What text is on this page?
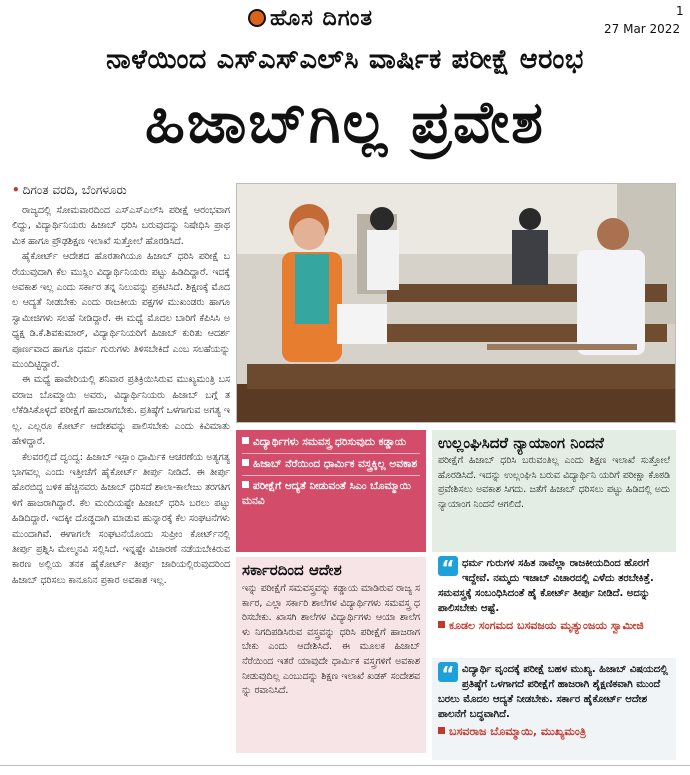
ಹೊಸ ದಿಗಂತ	1
27 Mar 2022
ನಾಳೆಯಿಂದ ಎಸ್‌ಎಸ್‌ಎಲ್‌ಸಿ ವಾರ್ಷಿಕ ಪರೀಕ್ಷೆ ಆರಂಭ
ಹಿಜಾಬ್‌ಗಿಲ್ಲ ಪ್ರವೇಶ
• ದಿಗಂತ ವರದಿ, ಬೆಂಗಳೂರು

ರಾಜ್ಯದಲ್ಲಿ ಸೋಮವಾರದಿಂದ ಎಸ್‌ಎಸ್‌ಎಲ್‌ಸಿ ಪರೀಕ್ಷೆ ಆರಂಭವಾಗಲಿದ್ದು, ವಿದ್ಯಾರ್ಥಿನಿಯರು ಹಿಜಾಬ್ ಧರಿಸಿ ಬರುವುದನ್ನು ನಿಷೇಧಿಸಿ ಪ್ರಾಥಮಿಕ ಹಾಗೂ ಪ್ರೌಢಶಿಕ್ಷಣ ಇಲಾಖೆ ಸುತ್ತೋಲೆ ಹೊರಡಿಸಿದೆ.

ಹೈಕೋರ್ಟ್ ಆದೇಶದ ಹೊರತಾಗಿಯೂ ಹಿಜಾಬ್ ಧರಿಸಿ ಪರೀಕ್ಷೆ ಬರೆಯುವುದಾಗಿ ಕೆಲ ಮುಸ್ಲಿಂ ವಿದ್ಯಾರ್ಥಿನಿಯರು ಪಟ್ಟು ಹಿಡಿದಿದ್ದಾರೆ. ಇದಕ್ಕೆ ಅವಕಾಶ ಇಲ್ಲ ಎಂದು ಸರ್ಕಾರ ತನ್ನ ನಿಲುವನ್ನು ಪ್ರಕಟಿಸಿದೆ. ಶಿಕ್ಷಣಕ್ಕೆ ಮೊದಲ ಆದ್ಯತೆ ನೀಡಬೇಕು ಎಂದು ರಾಜಕೀಯ ಪಕ್ಷಗಳ ಮುಖಂಡರು ಹಾಗೂ ಸ್ವಾಮೀಜಿಗಳು ಸಲಹೆ ನೀಡಿದ್ದಾರೆ. ಈ ಮಧ್ಯೆ ಮೊದಲ ಬಾರಿಗೆ ಕೆಪಿಸಿಸಿ ಅಧ್ಯಕ್ಷ ಡಿ.ಕೆ.ಶಿವಕುಮಾರ್, ವಿದ್ಯಾರ್ಥಿನಿಯರಿಗೆ ಹಿಜಾಬ್ ಕುರಿತು ಆದರ್ಶ ಪೂರ್ಣವಾದ ಹಾಗೂ ಧರ್ಮ ಗುರುಗಳು ತಿಳಿಸಬೇಕಿದೆ ಎಂಬ ಸಲಹೆಯನ್ನು ಮುಂದಿಟ್ಟಿದ್ದಾರೆ.

ಈ ಮಧ್ಯೆ ಹಾವೇರಿಯಲ್ಲಿ ಶನಿವಾರ ಪ್ರತಿಕ್ರಿಯಿಸಿರುವ ಮುಖ್ಯಮಂತ್ರಿ ಬಸವರಾಜ ಬೊಮ್ಮಾಯಿ ಅವರು, ವಿದ್ಯಾರ್ಥಿನಿಯರು ಹಿಜಾಬ್ ಬಗ್ಗೆ ತಲೆಕೆಡಿಸಿಕೊಳ್ಳದೆ ಪರೀಕ್ಷೆಗೆ ಹಾಜರಾಗಬೇಕು. ಪ್ರತಿಷ್ಠೆಗೆ ಒಳಗಾಗುವ ಅಗತ್ಯ ಇಲ್ಲ. ಎಲ್ಲರೂ ಕೋರ್ಟ್ ಆದೇಶವನ್ನು ಪಾಲಿಸಬೇಕು ಎಂದು ಕಿವಿಮಾತು ಹೇಳಿದ್ದಾರೆ.

ಕೆಲವರಲ್ಲಿದೆ ದ್ವಂದ್ವ: ಹಿಜಾಬ್ ಇಸ್ಲಾಂ ಧಾರ್ಮಿಕ ಆಚರಣೆಯ ಅತ್ಯಗತ್ಯ ಭಾಗವಲ್ಲ ಎಂದು ಇತ್ತೀಚೆಗೆ ಹೈಕೋರ್ಟ್ ತೀರ್ಪು ನೀಡಿದೆ. ಈ ತೀರ್ಪು ಹೊರಬಿದ್ದ ಬಳಿಕ ಹೆಚ್ಚಿನವರು ಹಿಜಾಬ್ ಧರಿಸದೆ ಶಾಲಾ-ಕಾಲೇಜು ತರಗತಿಗಳಿಗೆ ಹಾಜರಾಗಿದ್ದಾರೆ. ಕೆಲ ಮಂದಿಯಷ್ಟೇ ಹಿಜಾಬ್ ಧರಿಸಿ ಬರಲು ಪಟ್ಟು ಹಿಡಿದಿದ್ದಾರೆ. ಇದಕ್ಕೀ ದೊಡ್ಡದಾಗಿ ಮಾಡುವ ಹುನ್ನಾರಕ್ಕೆ ಕೆಲ ಸಂಘಟನೆಗಳು ಮುಂದಾಗಿವೆ. ಈಗಾಗಲೇ ಸಂಘಟನೆಯೊಂದು ಸುಪ್ರೀಂ ಕೋರ್ಟ್‌ನಲ್ಲಿ ತೀರ್ಪು ಪ್ರಶ್ನಿಸಿ ಮೇಲ್ಮನವಿ ಸಲ್ಲಿಸಿದೆ. ಇನ್ನಷ್ಟೇ ವಿಚಾರಣೆ ನಡೆಯಬೇಕಿರುವ ಕಾರಣ ಅಲ್ಲಿಯ ತನಕ ಹೈಕೋರ್ಟ್ ತೀರ್ಪು ಜಾರಿಯಲ್ಲಿರುವುದರಿಂದ ಹಿಜಾಬ್ ಧರಿಸಲು ಕಾನೂನಿನ ಪ್ರಕಾರ ಅವಕಾಶ ಇಲ್ಲ.

ವಿದ್ಯಾರ್ಥಿಗಳು ಸಮವಸ್ತ್ರ ಧರಿಸುವುದು ಕಡ್ಡಾಯ
ಹಿಜಾಬ್ ನೆರೆಯಿಂದ ಧಾರ್ಮಿಕ ವಸ್ತ್ರಕ್ಕಿಲ್ಲ ಅವಕಾಶ
ಪರೀಕ್ಷೆಗೆ ಆದ್ಯತೆ ನೀಡುವಂತೆ ಸಿಎಂ ಬೊಮ್ಮಾಯಿ ಮನವಿ
ಉಲ್ಲಂಘಿಸಿದರೆ ನ್ಯಾಯಾಂಗ ನಿಂದನೆ
ಪರೀಕ್ಷೆಗೆ ಹಿಜಾಬ್ ಧರಿಸಿ ಬರುವಂತಿಲ್ಲ ಎಂದು ಶಿಕ್ಷಣ ಇಲಾಖೆ ಸುತ್ತೋಲೆ ಹೊರಡಿಸಿದೆ. ಇದನ್ನು ಉಲ್ಲಂಘಿಸಿ ಬರುವ ವಿದ್ಯಾರ್ಥಿನಿ ಯರಿಗೆ ಪರೀಕ್ಷಾ ಕೊಠಡಿ ಪ್ರವೇಶಿಸಲು ಅವಕಾಶ ಸಿಗದು. ಜತೆಗೆ ಹಿಜಾಬ್ ಧರಿಸಲು ಪಟ್ಟು ಹಿಡಿದಲ್ಲಿ ಅದು ನ್ಯಾಯಾಂಗ ನಿಂದನೆ ಆಗಲಿದೆ.
ಸರ್ಕಾರದಿಂದ ಆದೇಶ
ಇನ್ನು ಪರೀಕ್ಷೆಗೆ ಸಮವಸ್ತ್ರವನ್ನು ಕಡ್ಡಾಯ ಮಾಡಿರುವ ರಾಜ್ಯ ಸರ್ಕಾರ, ಎಲ್ಲಾ ಸರ್ಕಾರಿ ಶಾಲೆಗಳ ವಿದ್ಯಾರ್ಥಿಗಳು ಸಮವಸ್ತ್ರ ಧರಿಸಬೇಕು. ಖಾಸಗಿ ಶಾಲೆಗಳ ವಿದ್ಯಾರ್ಥಿಗಳು ಆಯಾ ಶಾಲೆಗಳು ನಿಗದಿಪಡಿಸಿರುವ ವಸ್ತ್ರವನ್ನು ಧರಿಸಿ ಪರೀಕ್ಷೆಗೆ ಹಾಜರಾಗಬೇಕು ಎಂದು ಆದೇಶಿಸಿದೆ. ಈ ಮೂಲಕ ಹಿಜಾಬ್ ನೆರೆಯಿಂದ ಇತರೆ ಯಾವುದೇ ಧಾರ್ಮಿಕ ವಸ್ತ್ರಗಳಿಗೆ ಅವಕಾಶ ನೀಡುವುದಿಲ್ಲ ಎಂಬುದನ್ನು ಶಿಕ್ಷಣ ಇಲಾಖೆ ಖಡಕ್ ಸಂದೇಶವನ್ನು ರವಾನಿಸಿದೆ.
“ ಧರ್ಮ ಗುರುಗಳ ಸಹಿತ ನಾವೆಲ್ಲಾ ರಾಜಕೀಯದಿಂದ ಹೊರಗೆ ಇದ್ದೇವೆ. ನಮ್ಮದು ಇಜಾಬ್ ವಿಚಾರದಲ್ಲಿ ಎಳೆದು ತರಬೇಕಿತ್ತೆ. ಸಮವಸ್ತ್ರಕ್ಕೆ ಸಂಬಂಧಿಸಿದಂತೆ ಹೈ ಕೋರ್ಟ್ ತೀರ್ಪು ನೀಡಿದೆ. ಅದನ್ನು ಪಾಲಿಸಬೇಕು ಆಷ್ಟೆ.
ಕೂಡಲ ಸಂಗಮದ ಬಸವಜಯ ಮೃತ್ಯುಂಜಯ ಸ್ವಾಮೀಜಿ
“ ವಿದ್ಯಾರ್ಥಿ ವೃಂದಕ್ಕೆ ಪರೀಕ್ಷೆ ಬಹಳ ಮುಖ್ಯ. ಹಿಜಾಬ್ ವಿಷಯದಲ್ಲಿ ಪ್ರತಿಷ್ಠೆಗೆ ಒಳಗಾಗದೆ ಪರೀಕ್ಷೆಗೆ ಹಾಜರಾಗಿ ಶೈಕ್ಷಣಿಕವಾಗಿ ಮುಂದೆ ಬರಲು ಮೊದಲ ಆದ್ಯತೆ ನೀಡಬೇಕು. ಸರ್ಕಾರ ಹೈಕೋರ್ಟ್ ಆದೇಶ ಪಾಲನೆಗೆ ಬದ್ಧವಾಗಿದೆ.
ಬಸವರಾಜ ಬೊಮ್ಮಾಯಿ, ಮುಖ್ಯಮಂತ್ರಿ
